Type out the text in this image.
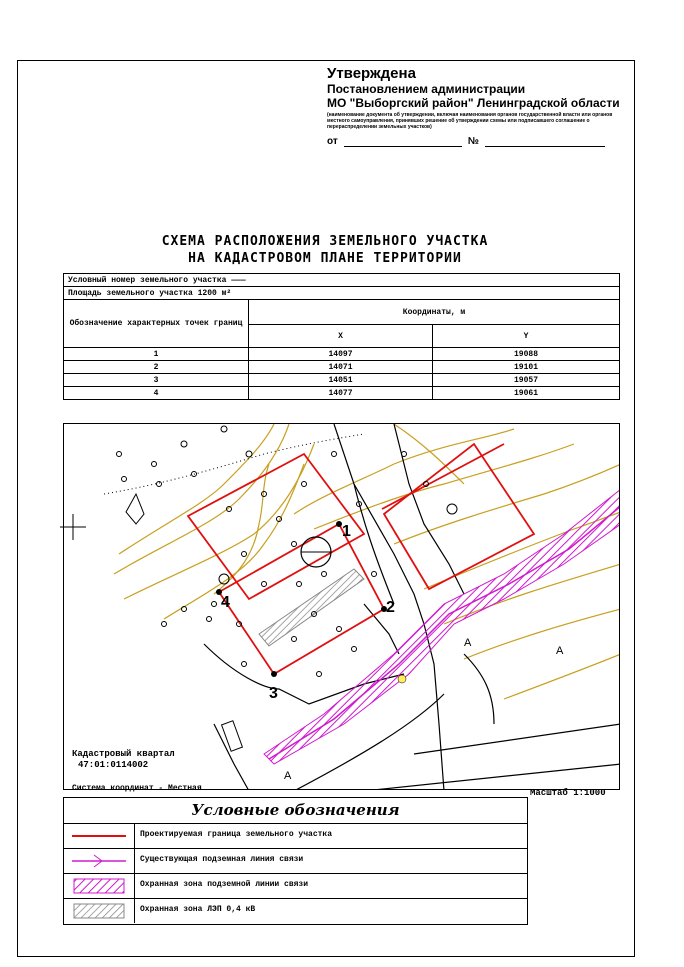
Утверждена
Постановлением администрации
МО "Выборгский район" Ленинградской области
(наименование документа об утверждении, включая наименования органов государственной власти или органов местного самоуправления, принявших решение об утверждении схемы или подписавшего соглашение о перераспределении земельных участков)
от	№
СХЕМА РАСПОЛОЖЕНИЯ ЗЕМЕЛЬНОГО УЧАСТКА
НА КАДАСТРОВОМ ПЛАНЕ ТЕРРИТОРИИ
Условный номер земельного участка ———		
Площадь земельного участка 1200 м²		
Обозначение характерных точек границ	Координаты, м	
	X	Y
1	14097	19088
2	14071	19101
3	14051	19057
4	14077	19061
1
2
3
4
А
А
А
Кадастровый квартал
47:01:0114002
Система координат - Местная	Масштаб 1:1000
Условные обозначения
Проектируемая граница земельного участка
Существующая подземная линия связи
Охранная зона подземной линии связи
Охранная зона ЛЭП 0,4 кВ
